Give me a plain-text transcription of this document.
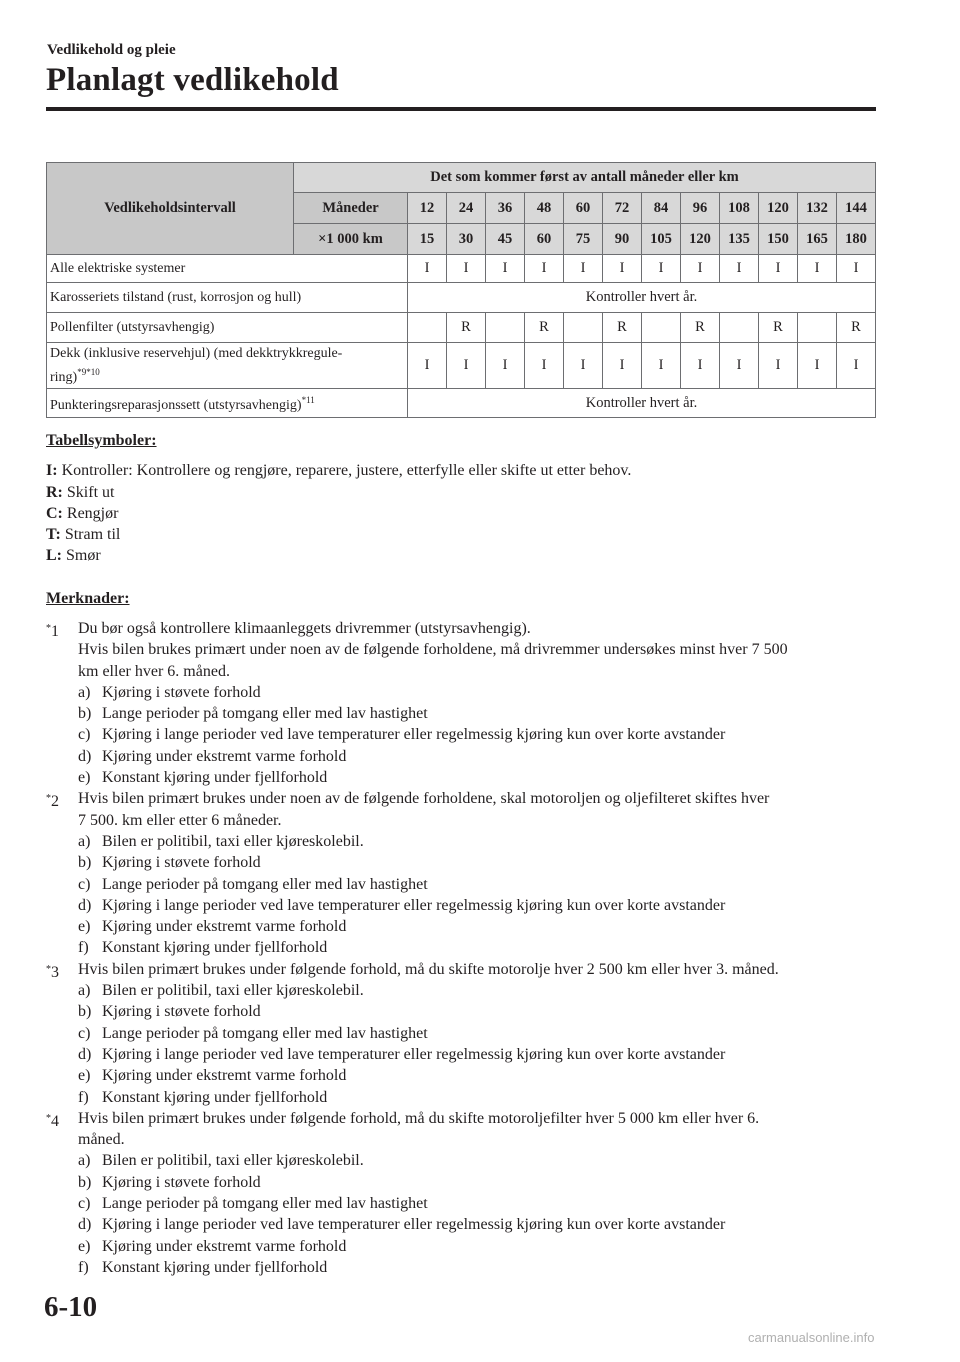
Vedlikehold og pleie
Planlagt vedlikehold
Vedlikeholdsintervall	Det som kommer først av antall måneder eller km												
	Måneder	12	24	36	48	60	72	84	96	108	120	132	144
	×1 000 km	15	30	45	60	75	90	105	120	135	150	165	180
Alle elektriske systemer		I	I	I	I	I	I	I	I	I	I	I	I
Karosseriets tilstand (rust, korrosjon og hull)		Kontroller hvert år.											
Pollenfilter (utstyrsavhengig)			R		R		R		R		R		R
Dekk (inklusive reservehjul) (med dekktrykkregule-
ring)$^{*9*10}$		I	I	I	I	I	I	I	I	I	I	I	I
Punkteringsreparasjonssett (utstyrsavhengig)$^{*11}$		Kontroller hvert år.											
Tabellsymboler:
I: Kontroller: Kontrollere og rengjøre, reparere, justere, etterfylle eller skifte ut etter behov.
R: Skift ut
C: Rengjør
T: Stram til
L: Smør
Merknader:
*1 Du bør også kontrollere klimaanleggets drivremmer (utstyrsavhengig).
Hvis bilen brukes primært under noen av de følgende forholdene, må drivremmer undersøkes minst hver 7 500
km eller hver 6. måned.
a) Kjøring i støvete forhold
b) Lange perioder på tomgang eller med lav hastighet
c) Kjøring i lange perioder ved lave temperaturer eller regelmessig kjøring kun over korte avstander
d) Kjøring under ekstremt varme forhold
e) Konstant kjøring under fjellforhold
*2 Hvis bilen primært brukes under noen av de følgende forholdene, skal motoroljen og oljefilteret skiftes hver
7 500. km eller etter 6 måneder.
a) Bilen er politibil, taxi eller kjøreskolebil.
b) Kjøring i støvete forhold
c) Lange perioder på tomgang eller med lav hastighet
d) Kjøring i lange perioder ved lave temperaturer eller regelmessig kjøring kun over korte avstander
e) Kjøring under ekstremt varme forhold
f) Konstant kjøring under fjellforhold
*3 Hvis bilen primært brukes under følgende forhold, må du skifte motorolje hver 2 500 km eller hver 3. måned.
a) Bilen er politibil, taxi eller kjøreskolebil.
b) Kjøring i støvete forhold
c) Lange perioder på tomgang eller med lav hastighet
d) Kjøring i lange perioder ved lave temperaturer eller regelmessig kjøring kun over korte avstander
e) Kjøring under ekstremt varme forhold
f) Konstant kjøring under fjellforhold
*4 Hvis bilen primært brukes under følgende forhold, må du skifte motoroljefilter hver 5 000 km eller hver 6.
måned.
a) Bilen er politibil, taxi eller kjøreskolebil.
b) Kjøring i støvete forhold
c) Lange perioder på tomgang eller med lav hastighet
d) Kjøring i lange perioder ved lave temperaturer eller regelmessig kjøring kun over korte avstander
e) Kjøring under ekstremt varme forhold
f) Konstant kjøring under fjellforhold
6-10
carmanualsonline.info
